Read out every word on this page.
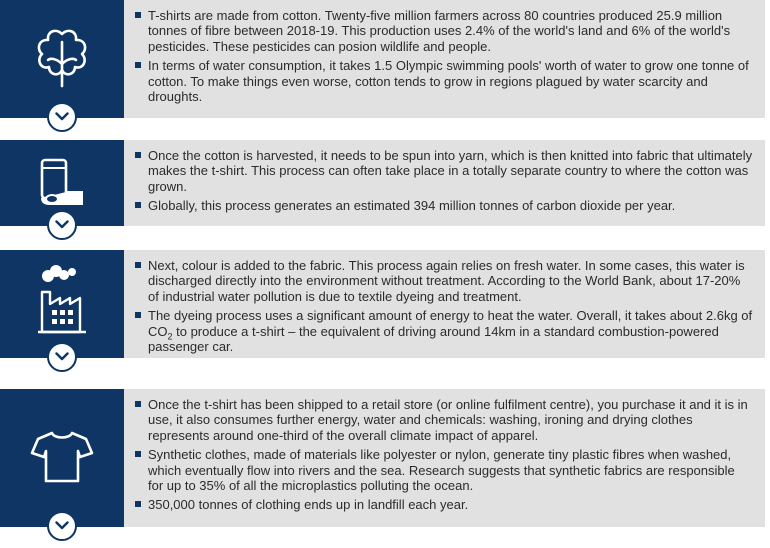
T-shirts are made from cotton. Twenty-five million farmers across 80 countries produced 25.9 million tonnes of fibre between 2018-19. This production uses 2.4% of the world's land and 6% of the world's pesticides. These pesticides can posion wildlife and people.
In terms of water consumption, it takes 1.5 Olympic swimming pools' worth of water to grow one tonne of cotton. To make things even worse, cotton tends to grow in regions plagued by water scarcity and droughts.
Once the cotton is harvested, it needs to be spun into yarn, which is then knitted into fabric that ultimately makes the t-shirt. This process can often take place in a totally separate country to where the cotton was grown.
Globally, this process generates an estimated 394 million tonnes of carbon dioxide per year.
Next, colour is added to the fabric. This process again relies on fresh water. In some cases, this water is discharged directly into the environment without treatment. According to the World Bank, about 17-20% of industrial water pollution is due to textile dyeing and treatment.
The dyeing process uses a significant amount of energy to heat the water. Overall, it takes about 2.6kg of $CO_2$ to produce a t-shirt – the equivalent of driving around 14km in a standard combustion-powered passenger car.
Once the t-shirt has been shipped to a retail store (or online fulfilment centre), you purchase it and it is in use, it also consumes further energy, water and chemicals: washing, ironing and drying clothes represents around one-third of the overall climate impact of apparel.
Synthetic clothes, made of materials like polyester or nylon, generate tiny plastic fibres when washed, which eventually flow into rivers and the sea. Research suggests that synthetic fabrics are responsible for up to 35% of all the microplastics polluting the ocean.
350,000 tonnes of clothing ends up in landfill each year.
